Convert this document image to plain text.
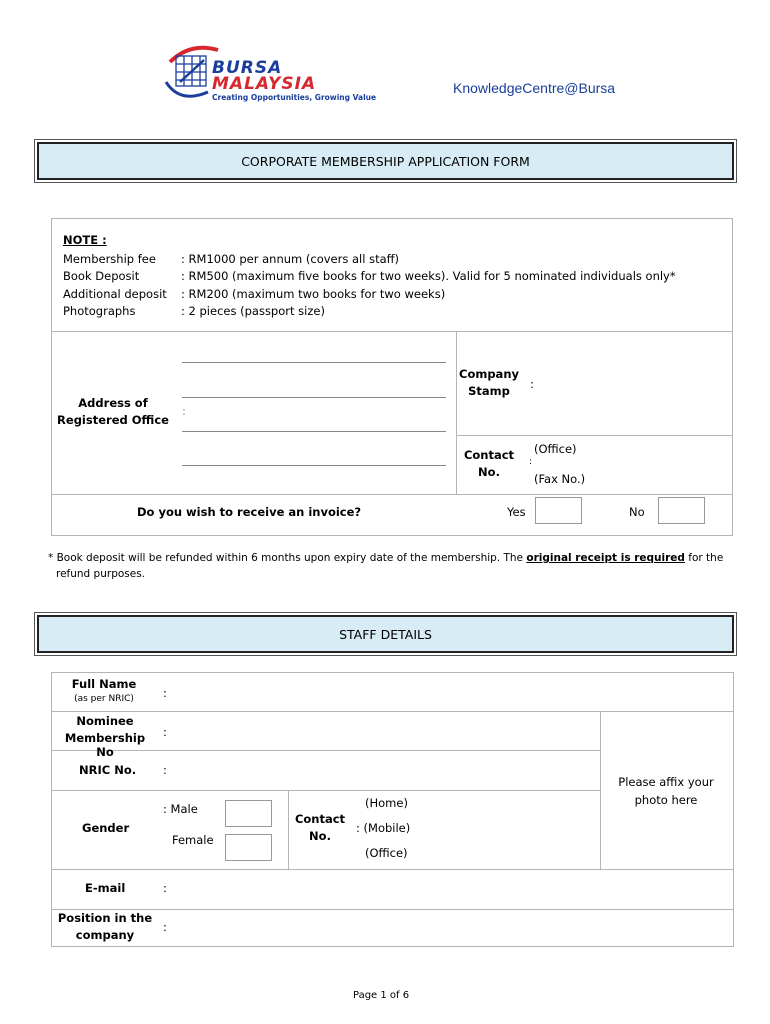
BURSA
MALAYSIA
Creating Opportunities, Growing Value
KnowledgeCentre@Bursa
CORPORATE MEMBERSHIP APPLICATION FORM
NOTE :
Membership fee : RM1000 per annum (covers all staff)
Book Deposit	: RM500 (maximum five books for two weeks). Valid for 5 nominated individuals only*
Additional deposit : RM200 (maximum two books for two weeks)
Photographs	: 2 pieces (passport size)
Address of
Registered Office
:
Company
Stamp	:
Contact
No.
(Office)
:
(Fax No.)
Do you wish to receive an invoice?	Yes	No
* Book deposit will be refunded within 6 months upon expiry date of the membership. The original receipt is required for the
refund purposes.
STAFF DETAILS
Full Name
(as per NRIC)	:
Nominee
Membership No
:
NRIC No. :
Please affix your
photo here
Gender
: Male
Female
Contact
No.
(Home)
: (Mobile)
(Office)
E-mail	:
Position in the
company
:
Page 1 of 6
